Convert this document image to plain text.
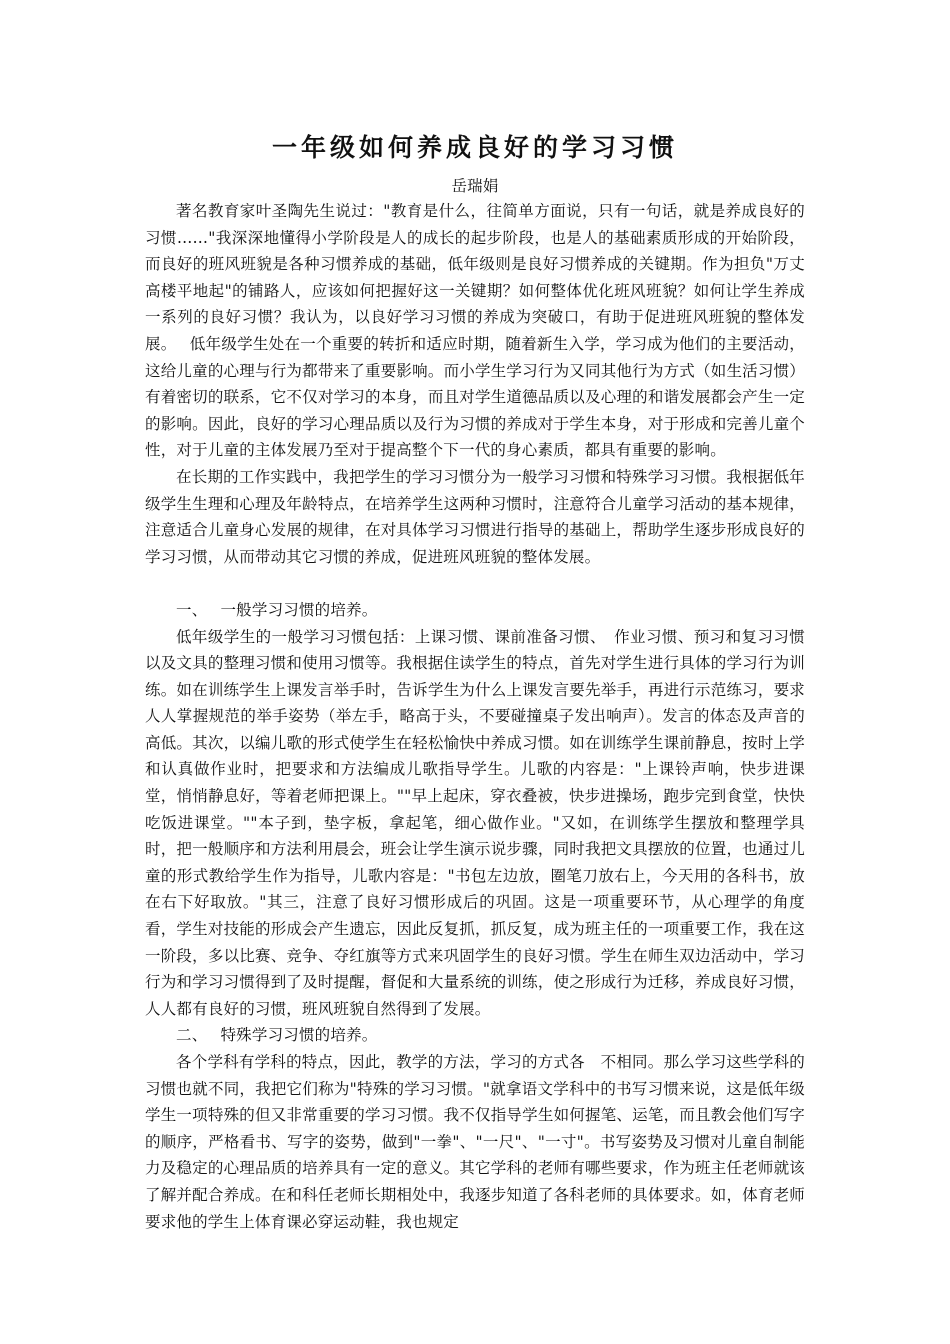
一年级如何养成良好的学习习惯
岳瑞娟

著名教育家叶圣陶先生说过："教育是什么，往简单方面说，只有一句话，就是养成良好的习惯……"我深深地懂得小学阶段是人的成长的起步阶段，也是人的基础素质形成的开始阶段，而良好的班风班貌是各种习惯养成的基础，低年级则是良好习惯养成的关键期。作为担负"万丈高楼平地起"的铺路人，应该如何把握好这一关键期？如何整体优化班风班貌？如何让学生养成一系列的良好习惯？我认为，以良好学习习惯的养成为突破口，有助于促进班风班貌的整体发展。　 低年级学生处在一个重要的转折和适应时期，随着新生入学，学习成为他们的主要活动，这给儿童的心理与行为都带来了重要影响。而小学生学习行为又同其他行为方式（如生活习惯）有着密切的联系，它不仅对学习的本身，而且对学生道德品质以及心理的和谐发展都会产生一定的影响。因此，良好的学习心理品质以及行为习惯的养成对于学生本身，对于形成和完善儿童个性，对于儿童的主体发展乃至对于提高整个下一代的身心素质，都具有重要的影响。

在长期的工作实践中，我把学生的学习习惯分为一般学习习惯和特殊学习习惯。我根据低年级学生生理和心理及年龄特点，在培养学生这两种习惯时，注意符合儿童学习活动的基本规律，注意适合儿童身心发展的规律，在对具体学习习惯进行指导的基础上，帮助学生逐步形成良好的学习习惯，从而带动其它习惯的养成，促进班风班貌的整体发展。

一、　 一般学习习惯的培养。

低年级学生的一般学习习惯包括：上课习惯、课前准备习惯、　作业习惯、预习和复习习惯以及文具的整理习惯和使用习惯等。我根据住读学生的特点，首先对学生进行具体的学习行为训练。如在训练学生上课发言举手时，告诉学生为什么上课发言要先举手，再进行示范练习，要求人人掌握规范的举手姿势（举左手，略高于头，不要碰撞桌子发出响声）。发言的体态及声音的高低。其次，以编儿歌的形式使学生在轻松愉快中养成习惯。如在训练学生课前静息，按时上学和认真做作业时，把要求和方法编成儿歌指导学生。儿歌的内容是："上课铃声响，快步进课堂，悄悄静息好，等着老师把课上。""早上起床，穿衣叠被，快步进操场，跑步完到食堂，快快吃饭进课堂。""本子到，垫字板，拿起笔，细心做作业。"又如，在训练学生摆放和整理学具时，把一般顺序和方法利用晨会，班会让学生演示说步骤，同时我把文具摆放的位置，也通过儿童的形式教给学生作为指导，儿歌内容是："书包左边放，圈笔刀放右上，今天用的各科书，放在右下好取放。"其三，注意了良好习惯形成后的巩固。这是一项重要环节，从心理学的角度看，学生对技能的形成会产生遗忘，因此反复抓，抓反复，成为班主任的一项重要工作，我在这一阶段，多以比赛、竞争、夺红旗等方式来巩固学生的良好习惯。学生在师生双边活动中，学习行为和学习习惯得到了及时提醒，督促和大量系统的训练，使之形成行为迁移，养成良好习惯，人人都有良好的习惯，班风班貌自然得到了发展。

二、　 特殊学习习惯的培养。

各个学科有学科的特点，因此，教学的方法，学习的方式各　不相同。那么学习这些学科的习惯也就不同，我把它们称为"特殊的学习习惯。"就拿语文学科中的书写习惯来说，这是低年级学生一项特殊的但又非常重要的学习习惯。我不仅指导学生如何握笔、运笔，而且教会他们写字的顺序，严格看书、写字的姿势，做到"一拳"、"一尺"、"一寸"。书写姿势及习惯对儿童自制能力及稳定的心理品质的培养具有一定的意义。其它学科的老师有哪些要求，作为班主任老师就该了解并配合养成。在和科任老师长期相处中，我逐步知道了各科老师的具体要求。如，体育老师要求他的学生上体育课必穿运动鞋，我也规定
